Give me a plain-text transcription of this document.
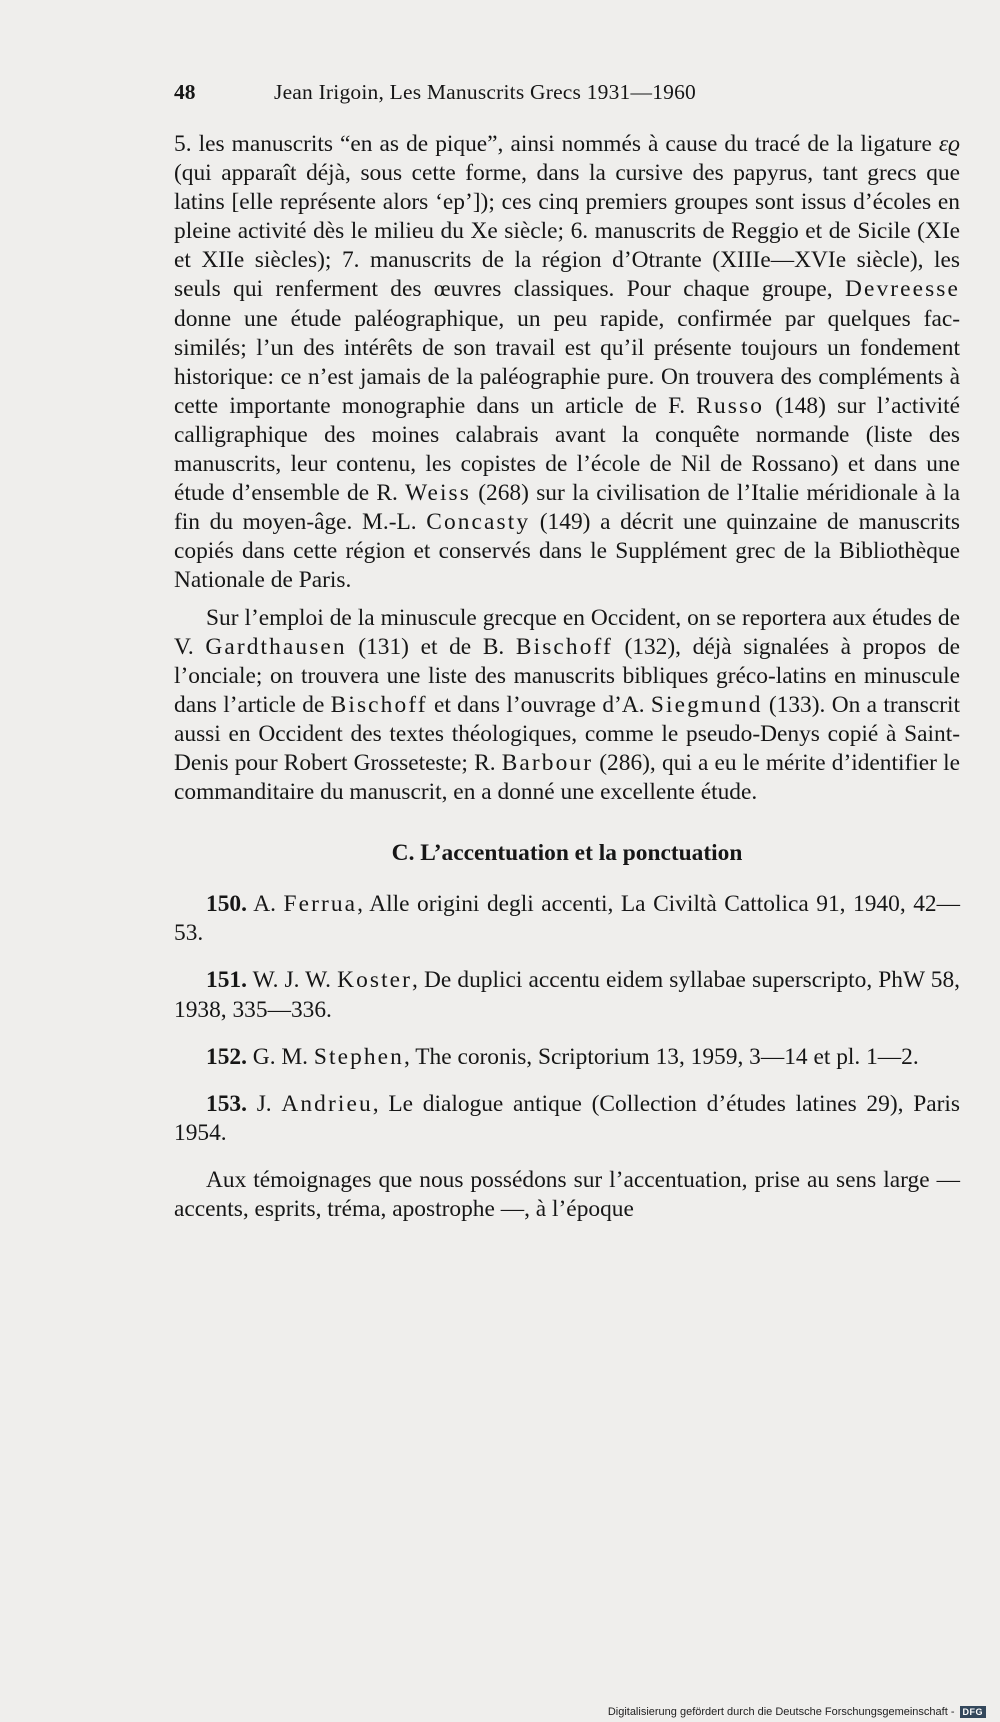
48	Jean Irigoin, Les Manuscrits Grecs 1931—1960

5. les manuscrits “en as de pique”, ainsi nommés à cause du tracé de la ligature εϱ (qui apparaît déjà, sous cette forme, dans la cursive des papyrus, tant grecs que latins [elle représente alors ‘ep’]); ces cinq premiers groupes sont issus d’écoles en pleine activité dès le milieu du Xe siècle; 6. manuscrits de Reggio et de Sicile (XIe et XIIe siècles); 7. manuscrits de la région d’Otrante (XIIIe—XVIe siècle), les seuls qui renferment des œuvres classiques. Pour chaque groupe, Devreesse donne une étude paléographique, un peu rapide, confirmée par quelques fac-similés; l’un des intérêts de son travail est qu’il présente toujours un fondement historique: ce n’est jamais de la paléographie pure. On trouvera des compléments à cette importante monographie dans un article de F. Russo (148) sur l’activité calligraphique des moines calabrais avant la conquête normande (liste des manuscrits, leur contenu, les copistes de l’école de Nil de Rossano) et dans une étude d’ensemble de R. Weiss (268) sur la civilisation de l’Italie méridionale à la fin du moyen-âge. M.-L. Concasty (149) a décrit une quinzaine de manuscrits copiés dans cette région et conservés dans le Supplément grec de la Bibliothèque Nationale de Paris.

Sur l’emploi de la minuscule grecque en Occident, on se reportera aux études de V. Gardthausen (131) et de B. Bischoff (132), déjà signalées à propos de l’onciale; on trouvera une liste des manuscrits bibliques gréco-latins en minuscule dans l’article de Bischoff et dans l’ouvrage d’A. Siegmund (133). On a transcrit aussi en Occident des textes théologiques, comme le pseudo-Denys copié à Saint-Denis pour Robert Grosseteste; R. Barbour (286), qui a eu le mérite d’identifier le commanditaire du manuscrit, en a donné une excellente étude.

C. L’accentuation et la ponctuation

150. A. Ferrua, Alle origini degli accenti, La Civiltà Cattolica 91, 1940, 42—53.

151. W. J. W. Koster, De duplici accentu eidem syllabae superscripto, PhW 58, 1938, 335—336.

152. G. M. Stephen, The coronis, Scriptorium 13, 1959, 3—14 et pl. 1—2.

153. J. Andrieu, Le dialogue antique (Collection d’études latines 29), Paris 1954.

Aux témoignages que nous possédons sur l’accentuation, prise au sens large — accents, esprits, tréma, apostrophe —, à l’époque

Digitalisierung gefördert durch die Deutsche Forschungsgemeinschaft - DFG
